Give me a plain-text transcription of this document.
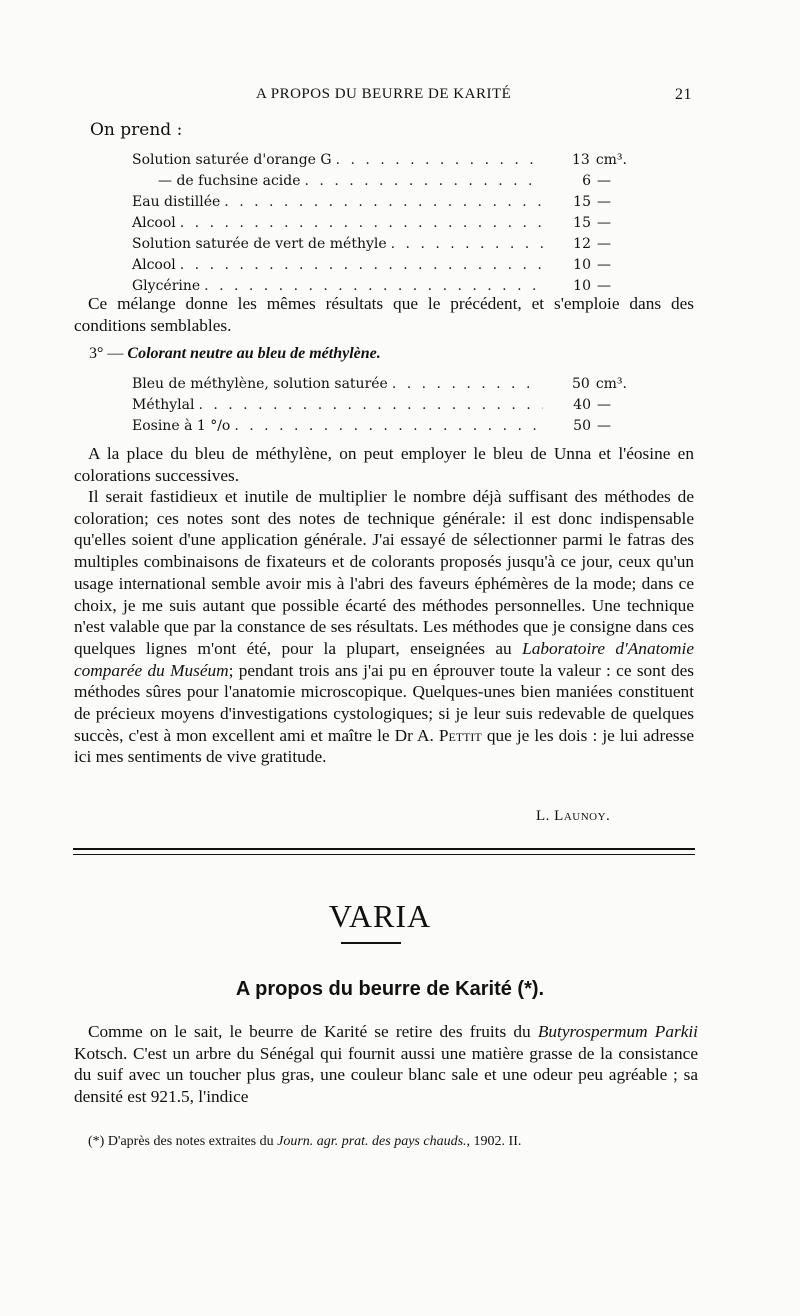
A PROPOS DU BEURRE DE KARITÉ	21
On prend :
Solution saturée d'orange G . . .	13 cm³.
— de fuchsine acide . . .	6 —
Eau distillée . . .	15 —
Alcool . . .	15 —
Solution saturée de vert de méthyle . . .	12 —
Alcool . . .	10 —
Glycérine . . .	10 —

Ce mélange donne les mêmes résultats que le précédent, et s'emploie dans des conditions semblables.

3° — Colorant neutre au bleu de méthylène.
Bleu de méthylène, solution saturée . . .	50 cm³.
Méthylal . . .	40 —
Eosine à 1 °/o . . .	50 —

A la place du bleu de méthylène, on peut employer le bleu de Unna et l'éosine en colorations successives.

Il serait fastidieux et inutile de multiplier le nombre déjà suffisant des méthodes de coloration; ces notes sont des notes de technique générale: il est donc indispensable qu'elles soient d'une application générale. J'ai essayé de sélectionner parmi le fatras des multiples combinaisons de fixateurs et de colorants proposés jusqu'à ce jour, ceux qu'un usage international semble avoir mis à l'abri des faveurs éphémères de la mode; dans ce choix, je me suis autant que possible écarté des méthodes personnelles. Une technique n'est valable que par la constance de ses résultats. Les méthodes que je consigne dans ces quelques lignes m'ont été, pour la plupart, enseignées au Laboratoire d'Anatomie comparée du Muséum; pendant trois ans j'ai pu en éprouver toute la valeur : ce sont des méthodes sûres pour l'anatomie microscopique. Quelques-unes bien maniées constituent de précieux moyens d'investigations cystologiques; si je leur suis redevable de quelques succès, c'est à mon excellent ami et maître le Dr A. Pettit que je les dois : je lui adresse ici mes sentiments de vive gratitude.

L. Launoy.
VARIA
A propos du beurre de Karité (*).

Comme on le sait, le beurre de Karité se retire des fruits du Butyrospermum Parkii Kotsch. C'est un arbre du Sénégal qui fournit aussi une matière grasse de la consistance du suif avec un toucher plus gras, une couleur blanc sale et une odeur peu agréable ; sa densité est 921.5, l'indice

(*) D'après des notes extraites du Journ. agr. prat. des pays chauds., 1902. II.
